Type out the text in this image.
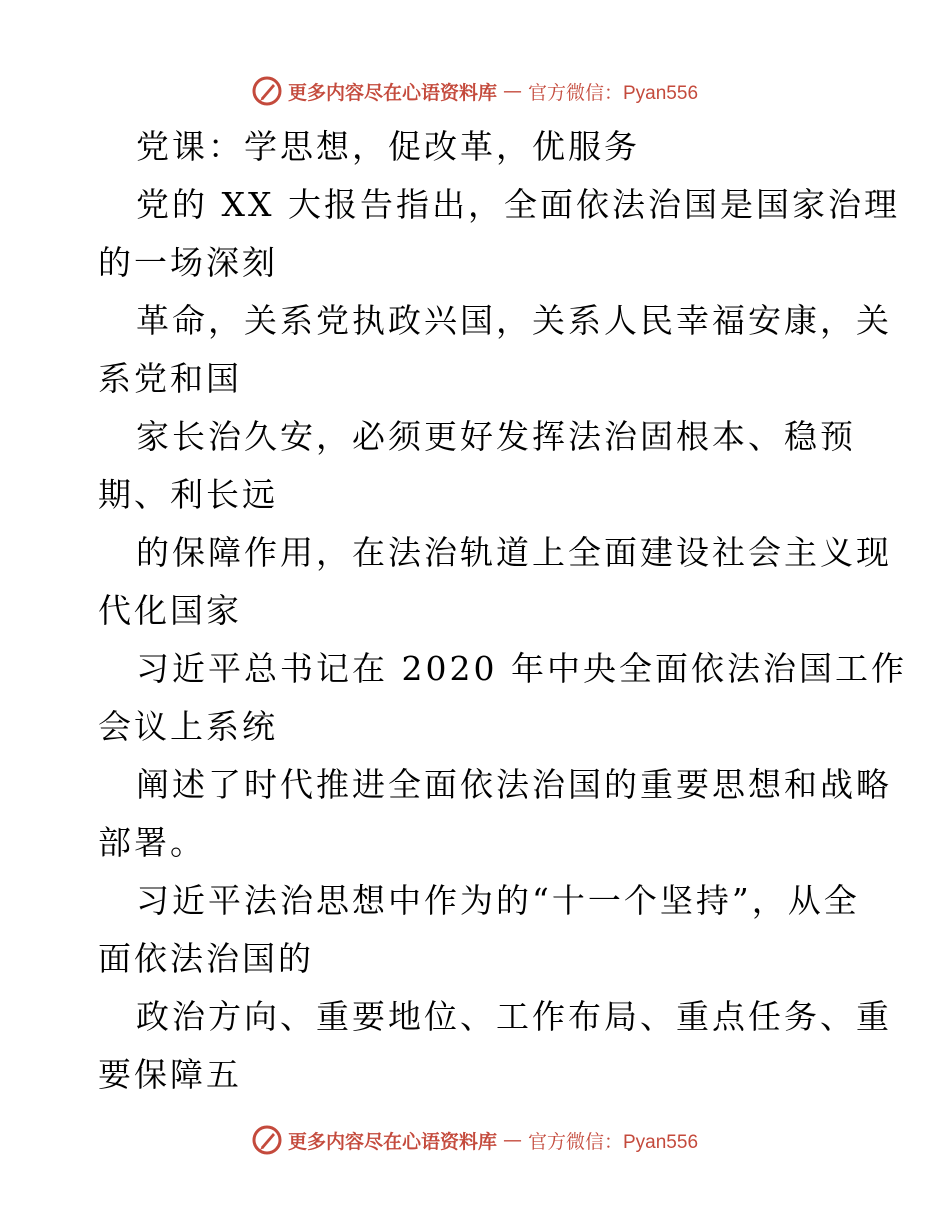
更多内容尽在心语资料库 — 官方微信：Pyan556
党课：学思想，促改革，优服务
党的 XX 大报告指出，全面依法治国是国家治理
的一场深刻
革命，关系党执政兴国，关系人民幸福安康，关
系党和国
家长治久安，必须更好发挥法治固根本、稳预
期、利长远
的保障作用，在法治轨道上全面建设社会主义现
代化国家
习近平总书记在 2020 年中央全面依法治国工作
会议上系统
阐述了时代推进全面依法治国的重要思想和战略
部署。
习近平法治思想中作为的“十一个坚持”，从全
面依法治国的
政治方向、重要地位、工作布局、重点任务、重
要保障五
更多内容尽在心语资料库 — 官方微信：Pyan556
